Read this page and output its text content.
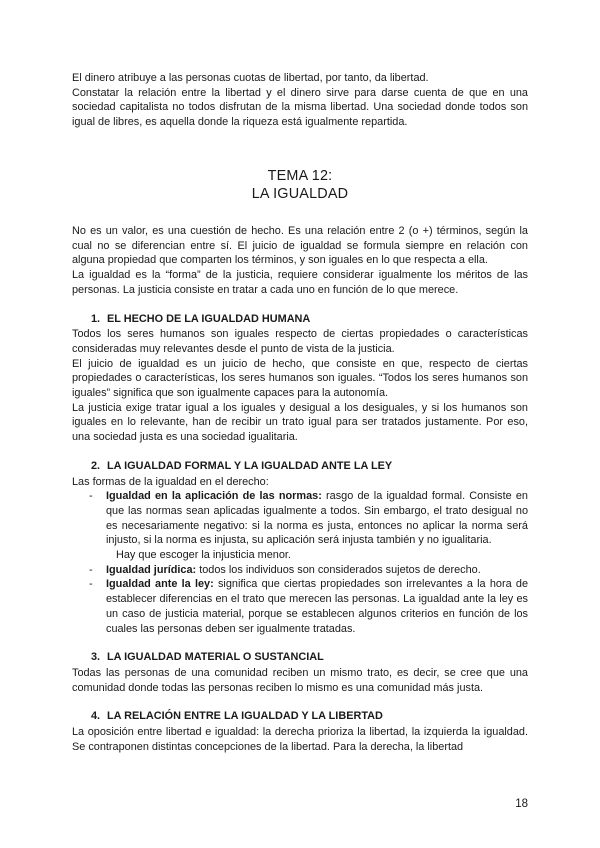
El dinero atribuye a las personas cuotas de libertad, por tanto, da libertad.

Constatar la relación entre la libertad y el dinero sirve para darse cuenta de que en una sociedad capitalista no todos disfrutan de la misma libertad. Una sociedad donde todos son igual de libres, es aquella donde la riqueza está igualmente repartida.

TEMA 12:
LA IGUALDAD

No es un valor, es una cuestión de hecho. Es una relación entre 2 (o +) términos, según la cual no se diferencian entre sí. El juicio de igualdad se formula siempre en relación con alguna propiedad que comparten los términos, y son iguales en lo que respecta a ella.

La igualdad es la “forma” de la justicia, requiere considerar igualmente los méritos de las personas. La justicia consiste en tratar a cada uno en función de lo que merece.

1. EL HECHO DE LA IGUALDAD HUMANA

Todos los seres humanos son iguales respecto de ciertas propiedades o características consideradas muy relevantes desde el punto de vista de la justicia.

El juicio de igualdad es un juicio de hecho, que consiste en que, respecto de ciertas propiedades o características, los seres humanos son iguales. “Todos los seres humanos son iguales” significa que son igualmente capaces para la autonomía.

La justicia exige tratar igual a los iguales y desigual a los desiguales, y si los humanos son iguales en lo relevante, han de recibir un trato igual para ser tratados justamente. Por eso, una sociedad justa es una sociedad igualitaria.

2. LA IGUALDAD FORMAL Y LA IGUALDAD ANTE LA LEY

Las formas de la igualdad en el derecho:

- Igualdad en la aplicación de las normas: rasgo de la igualdad formal. Consiste en que las normas sean aplicadas igualmente a todos. Sin embargo, el trato desigual no es necesariamente negativo: si la norma es justa, entonces no aplicar la norma será injusto, si la norma es injusta, su aplicación será injusta también y no igualitaria.
Hay que escoger la injusticia menor.
- Igualdad jurídica: todos los individuos son considerados sujetos de derecho.
- Igualdad ante la ley: significa que ciertas propiedades son irrelevantes a la hora de establecer diferencias en el trato que merecen las personas. La igualdad ante la ley es un caso de justicia material, porque se establecen algunos criterios en función de los cuales las personas deben ser igualmente tratadas.
3. LA IGUALDAD MATERIAL O SUSTANCIAL

Todas las personas de una comunidad reciben un mismo trato, es decir, se cree que una comunidad donde todas las personas reciben lo mismo es una comunidad más justa.

4. LA RELACIÓN ENTRE LA IGUALDAD Y LA LIBERTAD

La oposición entre libertad e igualdad: la derecha prioriza la libertad, la izquierda la igualdad. Se contraponen distintas concepciones de la libertad. Para la derecha, la libertad

18
